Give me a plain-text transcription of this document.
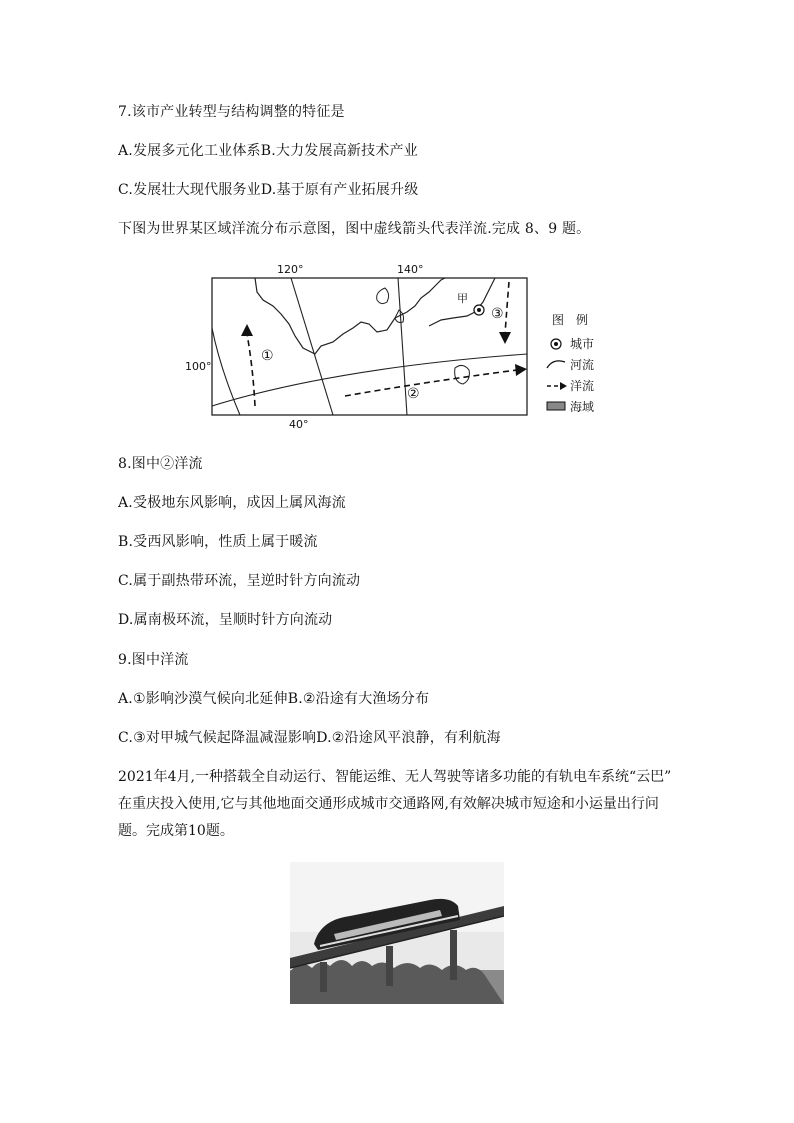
7.该市产业转型与结构调整的特征是
A.发展多元化工业体系B.大力发展高新技术产业
C.发展壮大现代服务业D.基于原有产业拓展升级
下图为世界某区域洋流分布示意图，图中虚线箭头代表洋流.完成 8、9 题。
120°	140°
100°
40°
甲
①
②
③	图　例
城市
河流
洋流
海域
8.图中②洋流
A.受极地东风影响，成因上属风海流
B.受西风影响，性质上属于暖流
C.属于副热带环流，呈逆时针方向流动
D.属南极环流，呈顺时针方向流动
9.图中洋流
A.①影响沙漠气候向北延伸B.②沿途有大渔场分布
C.③对甲城气候起降温减湿影响D.②沿途风平浪静，有利航海
2021年4月,一种搭载全自动运行、智能运维、无人驾驶等诸多功能的有轨电车系统“云巴” 在重庆投入使用,它与其他地面交通形成城市交通路网,有效解决城市短途和小运量出行问题。完成第10题。
